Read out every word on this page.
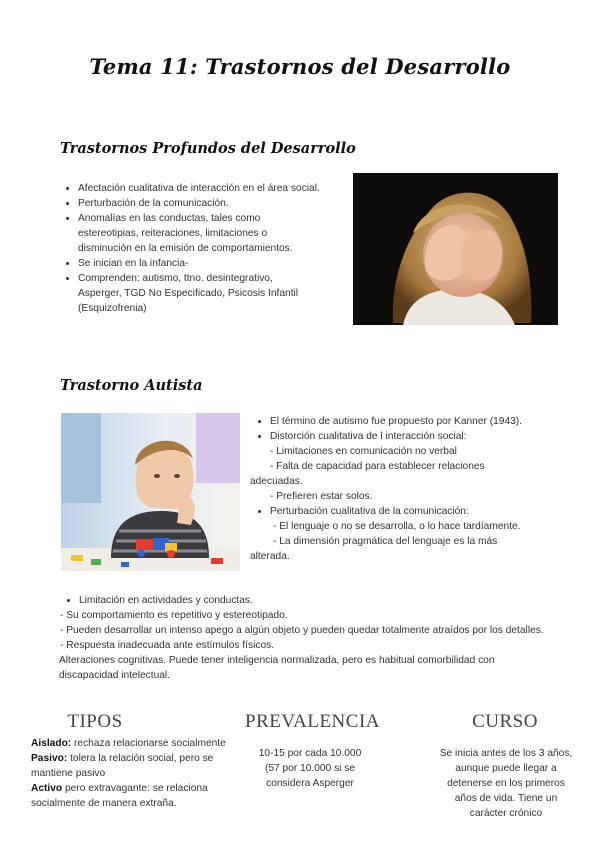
Tema 11: Trastornos del Desarrollo
Trastornos Profundos del Desarrollo
• Afectación cualitativa de interacción en el área social.
• Perturbación de la comunicación.
• Anomalías en las conductas, tales como estereotipias, reiteraciones, limitaciones o disminución en la emisión de comportamientos.
• Se inician en la infancia-
• Comprenden: autismo, ttno. desintegrativo, Asperger, TGD No Especificado, Psicosis Infantil (Esquizofrenia)
Trastorno Autista
• El término de autismo fue propuesto por Kanner (1943).
• Distorción cualitativa de l interacción social:
- Limitaciones en comunicación no verbal
- Falta de capacidad para establecer relaciones adecuadas.
- Prefieren estar solos.
• Perturbación cualitativa de la comunicación:
- El lenguaje o no se desarrolla, o lo hace tardíamente.
- La dimensión pragmática del lenguaje es la más alterada.
• Limitación en actividades y conductas.
- Su comportamiento es repetitivo y estereotipado.
- Pueden desarrollar un intenso apego a algún objeto y pueden quedar totalmente atraídos por los detalles.
- Respuesta inadecuada ante estímulos físicos.
Alteraciones cognitivas. Puede tener inteligencia normalizada, pero es habitual comorbilidad con discapacidad intelectual.
TIPOS	PREVALENCIA	CURSO
Aislado: rechaza relacionarse socialmente
Pasivo: tolera la relación social, pero se mantiene pasivo
Activo pero extravagante: se relaciona socialmente de manera extraña.
10-15 por cada 10.000 (57 por 10.000 si se considera Asperger
Se inicia antes de los 3 años, aunque puede llegar a detenerse en los primeros años de vida. Tiene un carácter crónico
